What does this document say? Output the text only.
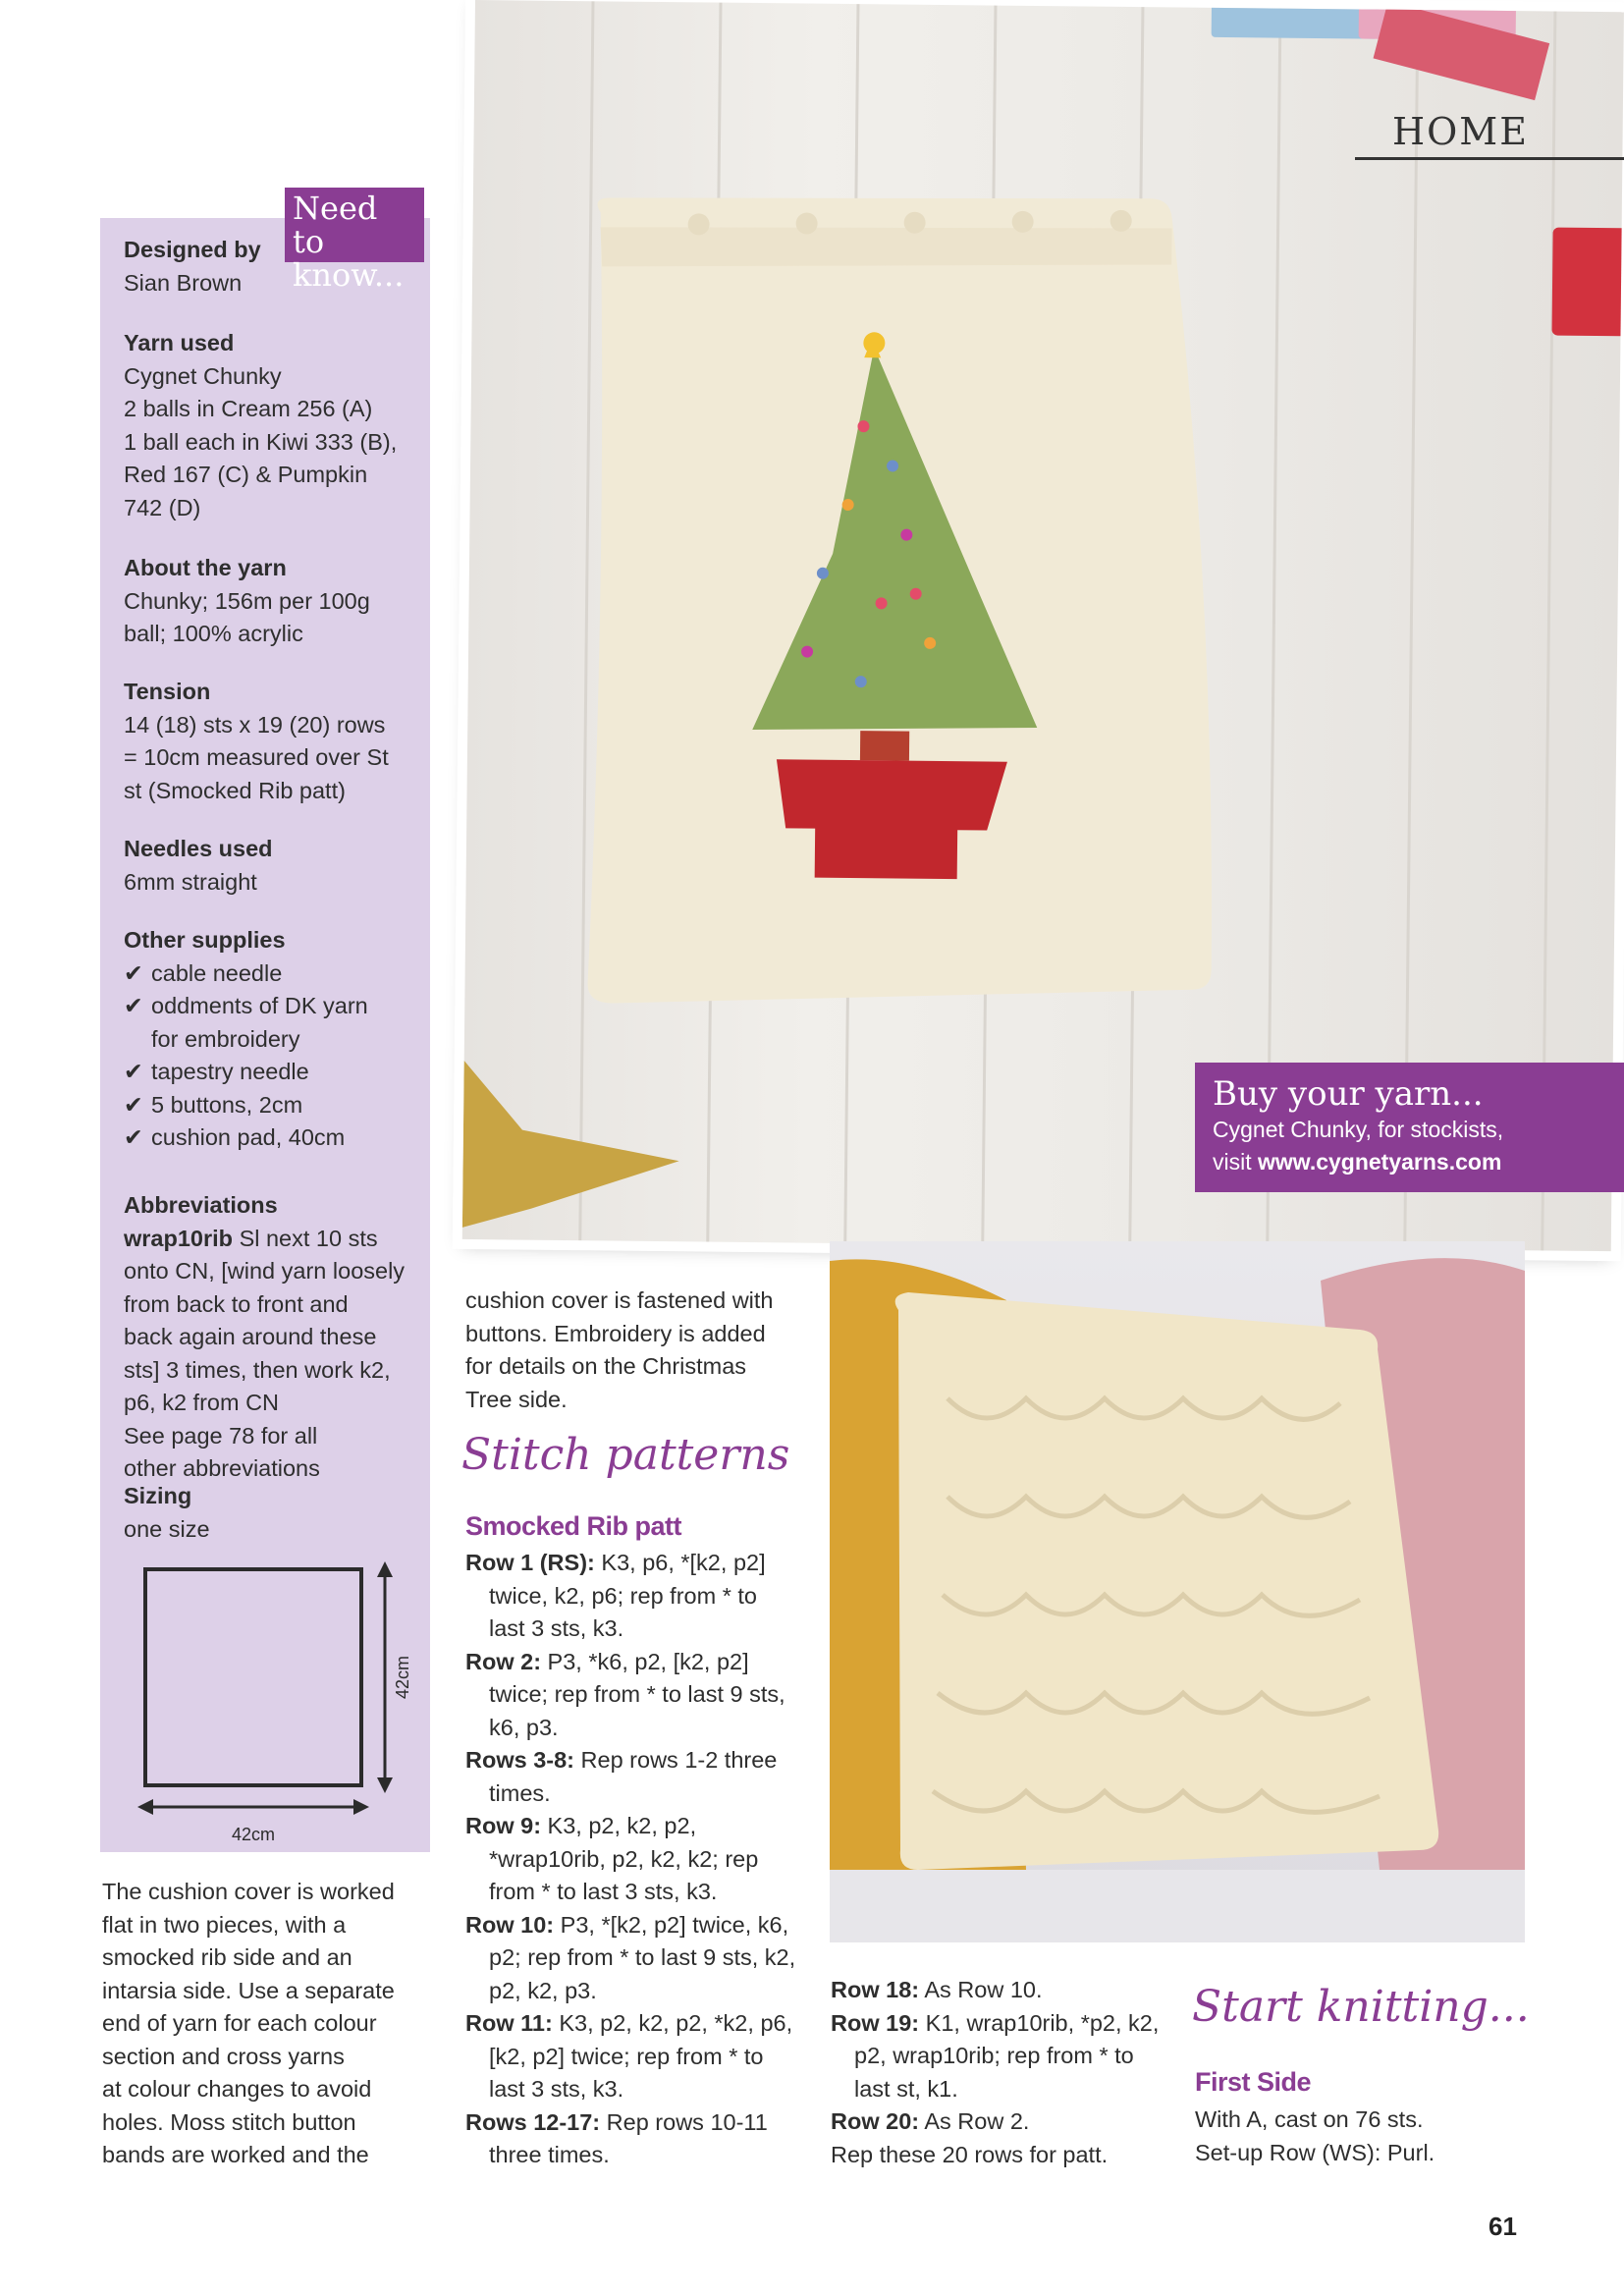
HOME
Buy your yarn...
Cygnet Chunky, for stockists,
visit www.cygnetyarns.com
Designed by
Sian Brown
Yarn used
Cygnet Chunky
2 balls in Cream 256 (A)
1 ball each in Kiwi 333 (B),
Red 167 (C) & Pumpkin
742 (D)
About the yarn
Chunky; 156m per 100g
ball; 100% acrylic
Tension
14 (18) sts x 19 (20) rows
= 10cm measured over St
st (Smocked Rib patt)
Needles used
6mm straight
Other supplies
✔ cable needle
✔ oddments of DK yarn
for embroidery
✔ tapestry needle
✔ 5 buttons, 2cm
✔ cushion pad, 40cm
Abbreviations
wrap10rib Sl next 10 sts
onto CN, [wind yarn loosely
from back to front and
back again around these
sts] 3 times, then work k2,
p6, k2 from CN
See page 78 for all
other abbreviations
Sizing
one size
Need to know...
42cm
42cm
The cushion cover is worked
flat in two pieces, with a
smocked rib side and an
intarsia side. Use a separate
end of yarn for each colour
section and cross yarns
at colour changes to avoid
holes. Moss stitch button
bands are worked and the
cushion cover is fastened with
buttons. Embroidery is added
for details on the Christmas
Tree side.
Stitch patterns
Smocked Rib patt
Row 1 (RS): K3, p6, *[k2, p2] twice, k2, p6; rep from * to last 3 sts, k3.
Row 2: P3, *k6, p2, [k2, p2] twice; rep from * to last 9 sts, k6, p3.
Rows 3-8: Rep rows 1-2 three times.
Row 9: K3, p2, k2, p2, *wrap10rib, p2, k2, k2; rep from * to last 3 sts, k3.
Row 10: P3, *[k2, p2] twice, k6, p2; rep from * to last 9 sts, k2, p2, k2, p3.
Row 11: K3, p2, k2, p2, *k2, p6, [k2, p2] twice; rep from * to last 3 sts, k3.
Rows 12-17: Rep rows 10-11 three times.
Row 18: As Row 10.
Row 19: K1, wrap10rib, *p2, k2, p2, wrap10rib; rep from * to last st, k1.
Row 20: As Row 2.
Rep these 20 rows for patt.
Start knitting...
First Side
With A, cast on 76 sts.
Set-up Row (WS): Purl.
61
